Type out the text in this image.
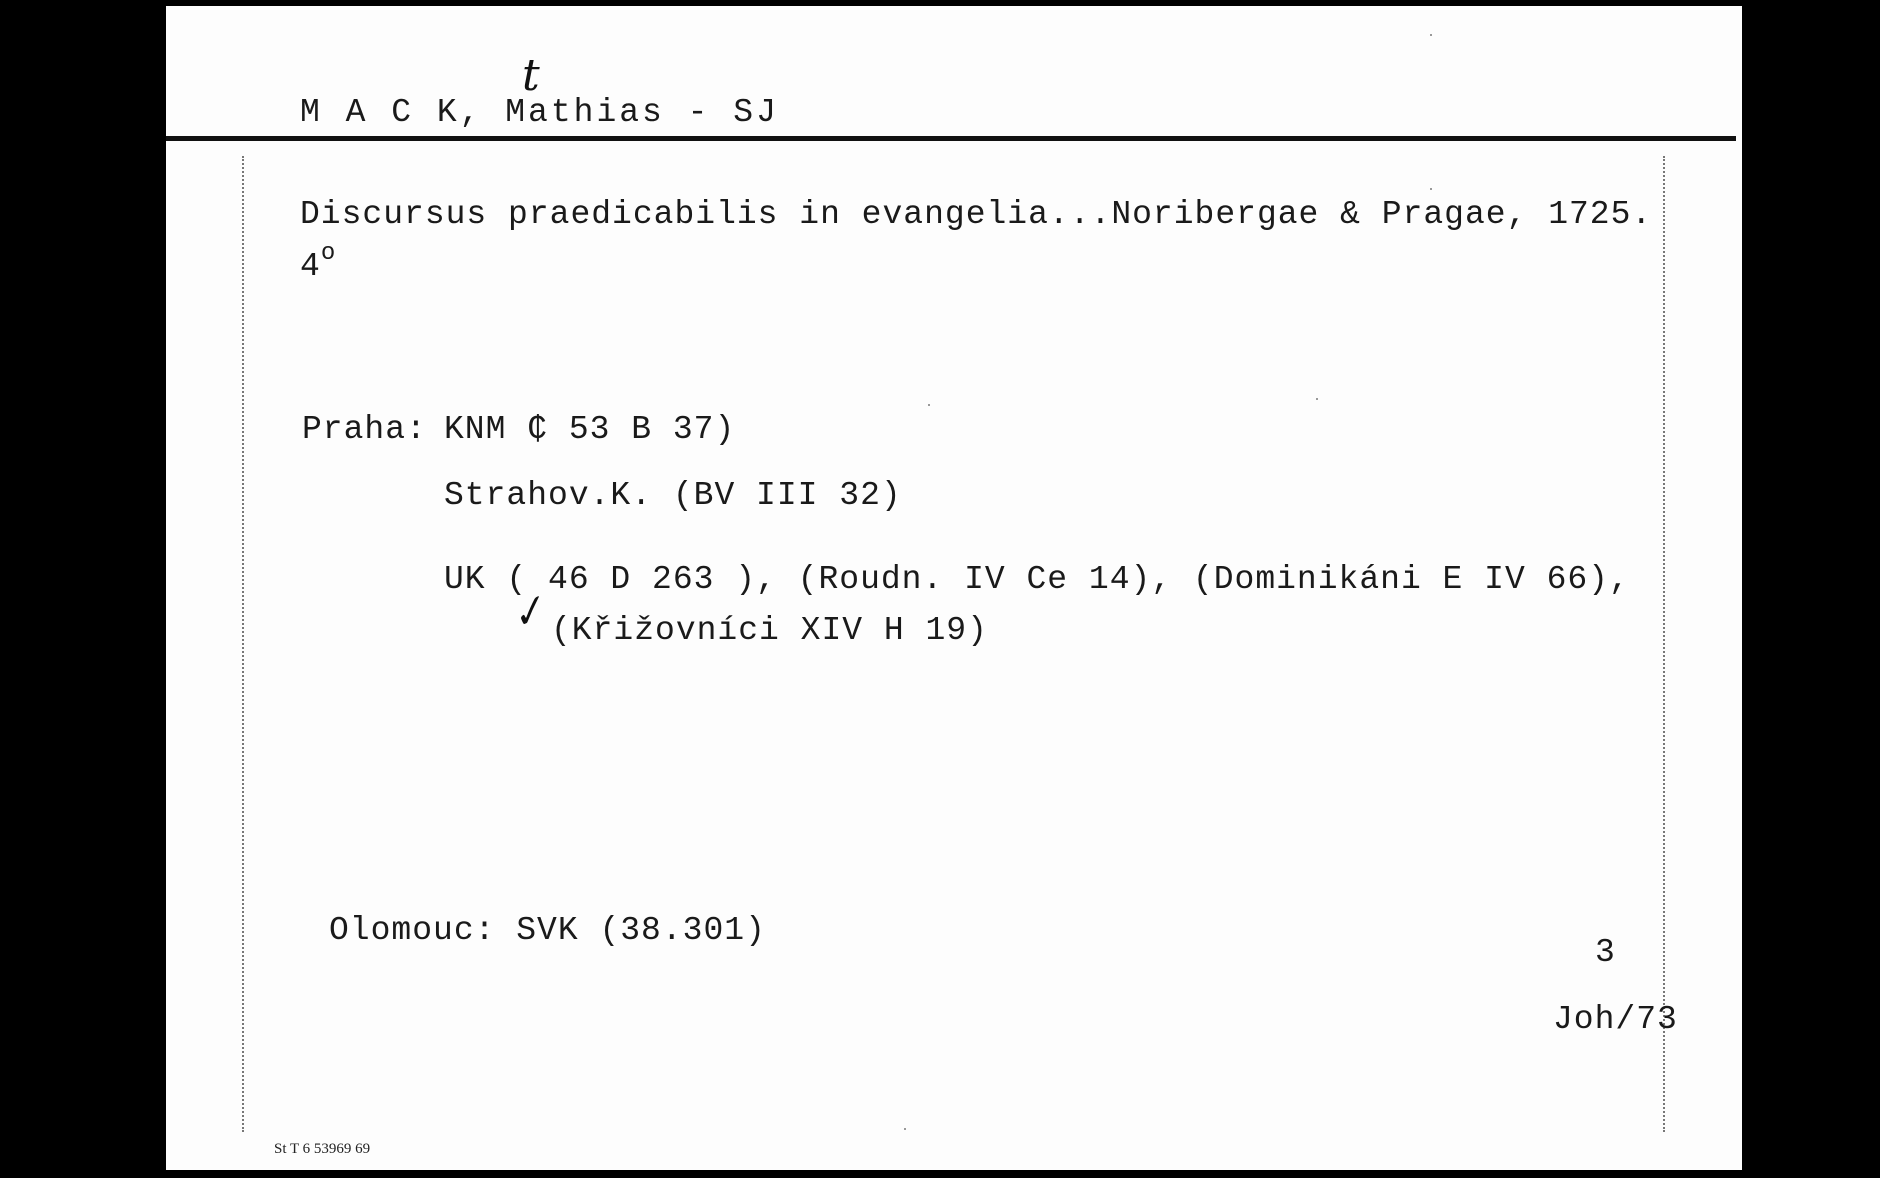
t
M A C K, Mathias - SJ
Discursus praedicabilis in evangelia...Noribergae & Pragae, 1725.
4 o
Praha: KNM ₵ 53 B 37)
Strahov.K. (BV III 32)
UK ( 46 D 263 ), (Roudn. IV Ce 14), (Dominikáni E IV 66),
✓ (Křižovníci XIV H 19)
Olomouc: SVK (38.301)
3
Joh/73
St T 6 53969 69
